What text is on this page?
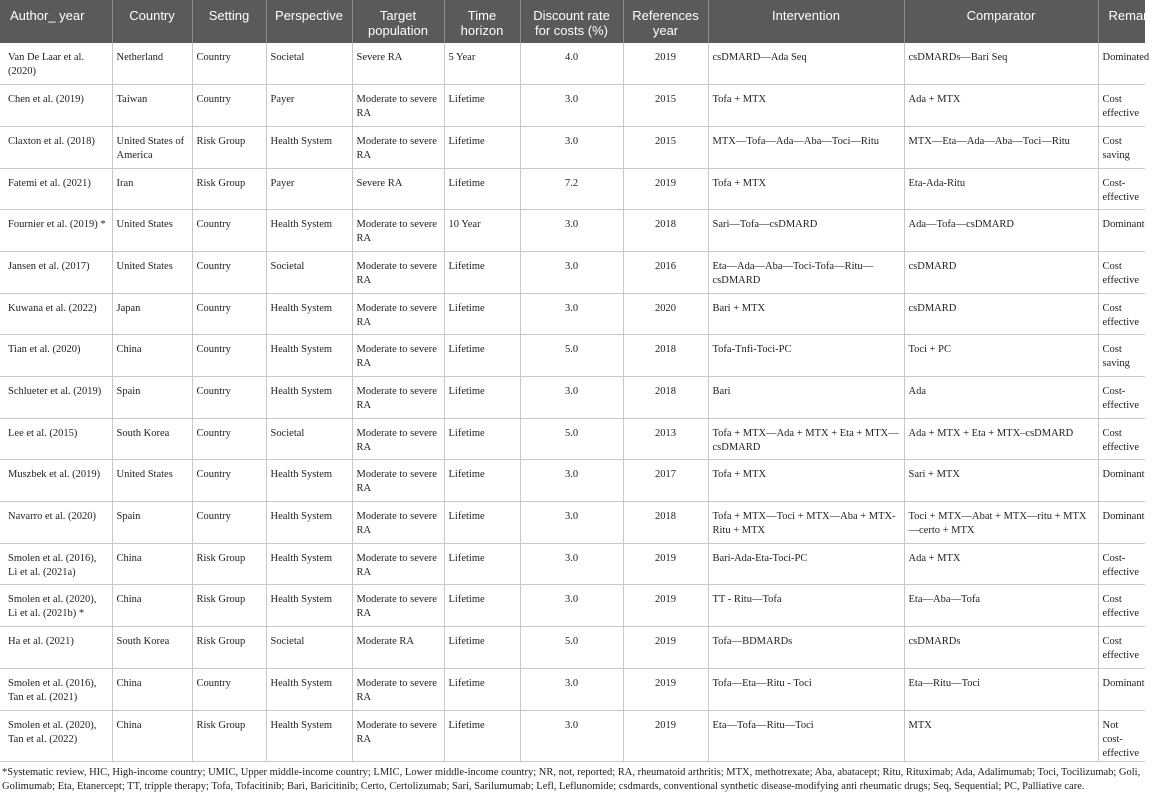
Author_ year	Country	Setting	Perspective	Target population	Time horizon	Discount rate for costs (%)	References year	Intervention	Comparator	Remarks
Van De Laar et al. (2020)	Netherland	Country	Societal	Severe RA	5 Year	4.0	2019	csDMARD—Ada Seq	csDMARDs—Bari Seq	Dominated
Chen et al. (2019)	Taiwan	Country	Payer	Moderate to severe RA	Lifetime	3.0	2015	Tofa + MTX	Ada + MTX	Cost effective
Claxton et al. (2018)	United States of America	Risk Group	Health System	Moderate to severe RA	Lifetime	3.0	2015	MTX—Tofa—Ada—Aba—Toci—Ritu	MTX—Eta—Ada—Aba—Toci—Ritu	Cost saving
Fatemi et al. (2021)	Iran	Risk Group	Payer	Severe RA	Lifetime	7.2	2019	Tofa + MTX	Eta-Ada-Ritu	Cost-effective
Fournier et al. (2019) *	United States	Country	Health System	Moderate to severe RA	10 Year	3.0	2018	Sari—Tofa—csDMARD	Ada—Tofa—csDMARD	Dominant
Jansen et al. (2017)	United States	Country	Societal	Moderate to severe RA	Lifetime	3.0	2016	Eta—Ada—Aba—Toci-Tofa—Ritu—csDMARD	csDMARD	Cost effective
Kuwana et al. (2022)	Japan	Country	Health System	Moderate to severe RA	Lifetime	3.0	2020	Bari + MTX	csDMARD	Cost effective
Tian et al. (2020)	China	Country	Health System	Moderate to severe RA	Lifetime	5.0	2018	Tofa-Tnfi-Toci-PC	Toci + PC	Cost saving
Schlueter et al. (2019)	Spain	Country	Health System	Moderate to severe RA	Lifetime	3.0	2018	Bari	Ada	Cost-effective
Lee et al. (2015)	South Korea	Country	Societal	Moderate to severe RA	Lifetime	5.0	2013	Tofa + MTX—Ada + MTX + Eta + MTX—csDMARD	Ada + MTX + Eta + MTX–csDMARD	Cost effective
Muszbek et al. (2019)	United States	Country	Health System	Moderate to severe RA	Lifetime	3.0	2017	Tofa + MTX	Sari + MTX	Dominant
Navarro et al. (2020)	Spain	Country	Health System	Moderate to severe RA	Lifetime	3.0	2018	Tofa + MTX—Toci + MTX—Aba + MTX-Ritu + MTX	Toci + MTX—Abat + MTX—ritu + MTX—certo + MTX	Dominant
Smolen et al. (2016), Li et al. (2021a)	China	Risk Group	Health System	Moderate to severe RA	Lifetime	3.0	2019	Bari-Ada-Eta-Toci-PC	Ada + MTX	Cost-effective
Smolen et al. (2020), Li et al. (2021b) *	China	Risk Group	Health System	Moderate to severe RA	Lifetime	3.0	2019	TT - Ritu—Tofa	Eta—Aba—Tofa	Cost effective
Ha et al. (2021)	South Korea	Risk Group	Societal	Moderate RA	Lifetime	5.0	2019	Tofa—BDMARDs	csDMARDs	Cost effective
Smolen et al. (2016), Tan et al. (2021)	China	Country	Health System	Moderate to severe RA	Lifetime	3.0	2019	Tofa—Eta—Ritu - Toci	Eta—Ritu—Toci	Dominant
Smolen et al. (2020), Tan et al. (2022)	China	Risk Group	Health System	Moderate to severe RA	Lifetime	3.0	2019	Eta—Tofa—Ritu—Toci	MTX	Not cost-effective
*Systematic review, HIC, High-income country; UMIC, Upper middle-income country; LMIC, Lower middle-income country; NR, not, reported; RA, rheumatoid arthritis; MTX, methotrexate; Aba, abatacept; Ritu, Rituximab; Ada, Adalimumab; Toci, Tocilizumab; Goli, Golimumab; Eta, Etanercept; TT, tripple therapy; Tofa, Tofacitinib; Bari, Baricitinib; Certo, Certolizumab; Sari, Sarilumumab; Lefl, Leflunomide; csdmards, conventional synthetic disease-modifying anti rheumatic drugs; Seq, Sequential; PC, Palliative care.
